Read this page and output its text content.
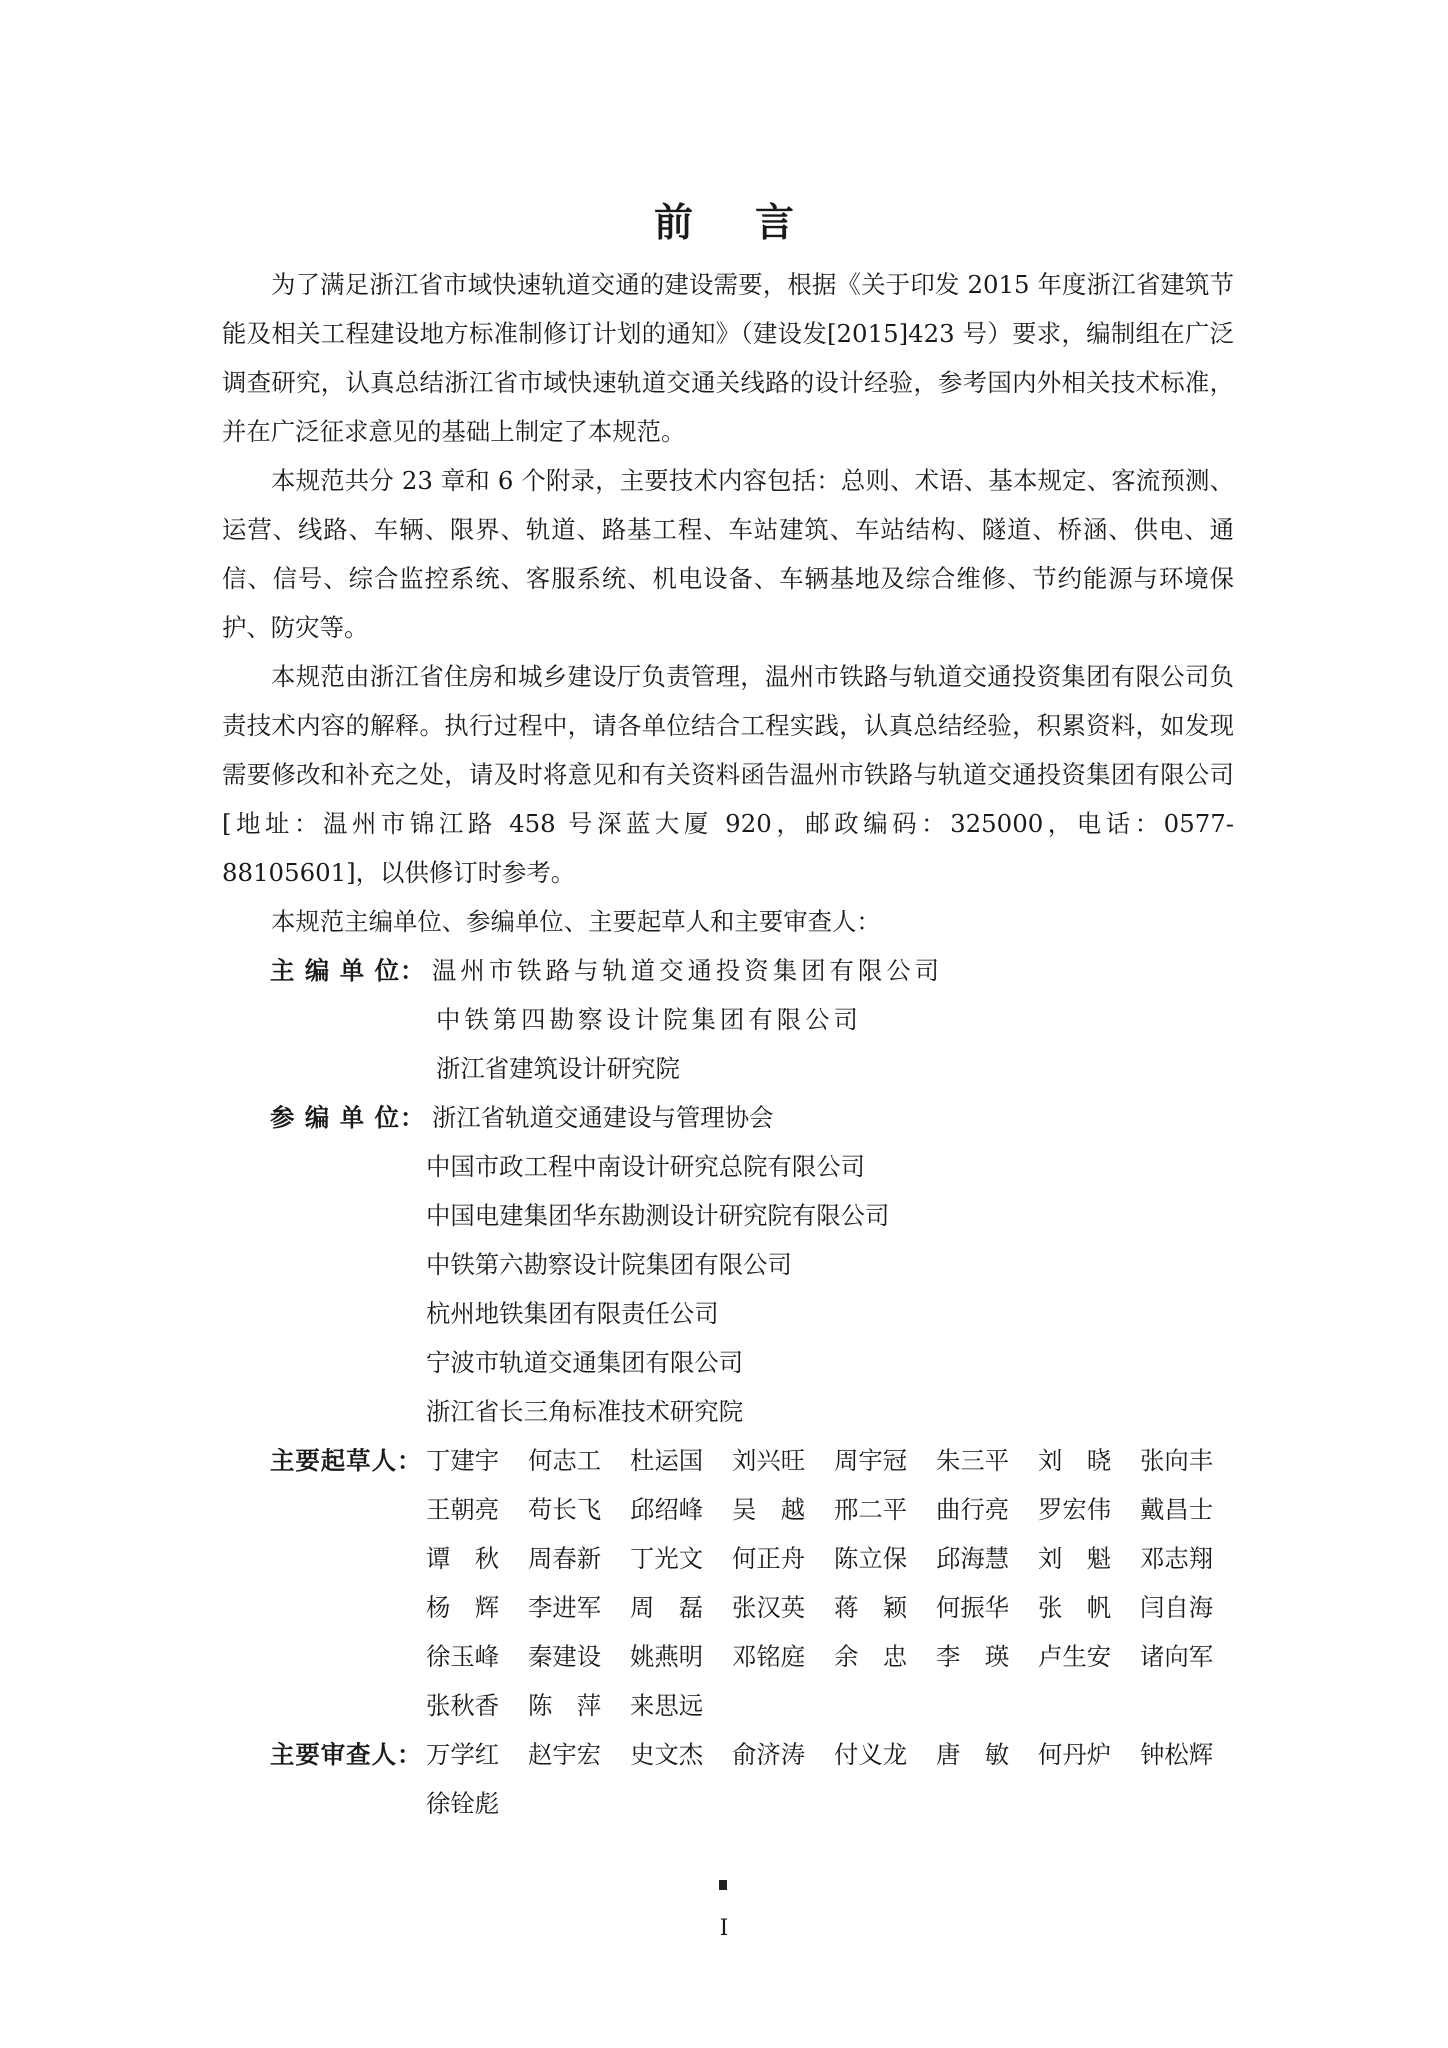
前言

为了满足浙江省市域快速轨道交通的建设需要，根据《关于印发 2015 年度浙江省建筑节能及相关工程建设地方标准制修订计划的通知》（建设发[2015]423 号）要求，编制组在广泛调查研究，认真总结浙江省市域快速轨道交通关线路的设计经验，参考国内外相关技术标准，并在广泛征求意见的基础上制定了本规范。

本规范共分 23 章和 6 个附录，主要技术内容包括：总则、术语、基本规定、客流预测、运营、线路、车辆、限界、轨道、路基工程、车站建筑、车站结构、隧道、桥涵、供电、通信、信号、综合监控系统、客服系统、机电设备、车辆基地及综合维修、节约能源与环境保护、防灾等。

本规范由浙江省住房和城乡建设厅负责管理，温州市铁路与轨道交通投资集团有限公司负责技术内容的解释。执行过程中，请各单位结合工程实践，认真总结经验，积累资料，如发现需要修改和补充之处，请及时将意见和有关资料函告温州市铁路与轨道交通投资集团有限公司[地址：温州市锦江路 458 号深蓝大厦 920，邮政编码：325000，电话：0577-88105601]，以供修订时参考。

本规范主编单位、参编单位、主要起草人和主要审查人：

主 编 单 位： 温州市铁路与轨道交通投资集团有限公司
中铁第四勘察设计院集团有限公司
浙江省建筑设计研究院
参 编 单 位： 浙江省轨道交通建设与管理协会
中国市政工程中南设计研究总院有限公司
中国电建集团华东勘测设计研究院有限公司
中铁第六勘察设计院集团有限公司
杭州地铁集团有限责任公司
宁波市轨道交通集团有限公司
浙江省长三角标准技术研究院
主要起草人： 丁建宇	何志工	杜运国	刘兴旺	周宇冠	朱三平	刘　晓	张向丰
王朝亮	苟长飞	邱绍峰	吴　越	邢二平	曲行亮	罗宏伟	戴昌士
谭　秋	周春新	丁光文	何正舟	陈立保	邱海慧	刘　魁	邓志翔
杨　辉	李进军	周　磊	张汉英	蒋　颖	何振华	张　帆	闫自海
徐玉峰	秦建设	姚燕明	邓铭庭	余　忠	李　瑛	卢生安	诸向军
张秋香	陈　萍	来思远
主要审查人： 万学红	赵宇宏	史文杰	俞济涛	付义龙	唐　敏	何丹炉	钟松辉
徐铨彪
I
